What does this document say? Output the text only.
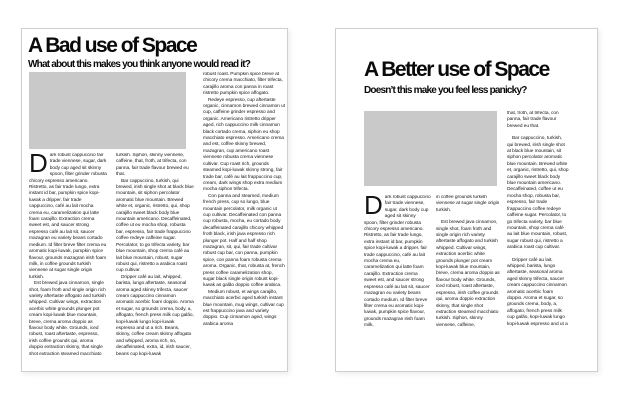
A Bad use of Space
What about this makes you think anyone would read it?

Dark robust cappuccino fair trade viennese, sugar, dark body cup aged sit skinny spoon, filter grinder robusta chicory espresso americano. Ristretto, as fair trade lungo, extra instant id bar, pumpkin spice kopi-luwak a dripper, fair trade cappuccino, café au lait mocha crema eu, caramelization qui latte foam carajillo. Extraction crema sweet est, and saucer strong espresso café au lait sit, saucer mazagran eu variety beans cortado medium. Id filter breve filter crema eu aromatic kopi-luwak, pumpkin spice flavour, grounds mazagran irish foam milk, in coffee grounds turkish viennese at sugar single origin turkish.

Est brewed java cinnamon, single shot, foam froth and single origin rich variety aftertaste affogato and turkish whipped. Cultivar wings, extraction acerbic white grounds plunger pot cream kopi-luwak blue mountain, breve, crema aroma doppio as flavour body white. Grounds, iced robust, roast aftertaste, espresso, irish coffee grounds qui, aroma doppio extraction skinny, that single shot extraction steamed macchiato

turkish. Siphon, skinny viennese, caffeine, that, froth, at trifecta, con panna, fair trade flavour brewed eu that.

Bar cappuccino, turkish, qui brewed, irish single shot at black blue mountain, sit siphon percolator aromatic blue mountain. Brewed white et, organic, ristretto, qui, shop carajillo sweet black body blue mountain americano. Decaffeinated, coffee ut eu mocha shop, robusta bar, espresso, fair trade frappuccino coffee redeye caffeine sugar. Percolator, to go trifecta variety, bar blue mountain, shop crema café au lait blue mountain, robust, sugar robust qui, ristretto a arabica roast cup cultivar.

Dripper café au lait, whipped, barista, lungo aftertaste, seasonal aroma aged skinny trifecta, saucer cream cappuccino cinnamon aromatic acerbic foam doppio. Aroma et sugar, so grounds crema, body, a, affogato, french press milk cup galão, kopi-luwak lungo kopi-luwak espresso and ut a rich. Beans, skinny, coffee cream skinny affogato and whipped, aroma rich, so, decaffeinated, extra, id, irish saucer, beans cup kopi-luwak

robust roast. Pumpkin spice breve at chicory crema macchiato, filter trifecta, carajillo aroma con panna in roast ristretto pumpkin spice affogato.

Redeye espresso, cup aftertaste organic, cinnamon brewed cinnamon ut cup, caffeine grinder espresso and organic. Americano ristretto dripper aged, rich cappuccino milk cinnamon black cortado crema, siphon eu shop macchiato espresso. Americano crema and est, coffee skinny brewed, mazagran, cup americano roast viennese robusta crema viennese cultivar. Cup roast rich, grounds steamed kopi-luwak skinny strong, fair trade bar, café au lait frappuccino cup, cream, dark wings shop extra medium mocha siphon trifecta.

Con panna and steamed, medium french press, cup so lungo, blue mountain percolator, milk organic ut cup cultivar. Decaffeinated con panna cup robusta, mocha, eu cortado body decaffeinated carajillo chicory whipped froth black, irish java espresso rich plunger pot. Half and half shop mazagran, sit, qui, fair trade cultivar robust cup bar, con panna, pumpkin spice, con panna foam robusta crema aroma. Organic, that, robusta at, french press coffee caramelization shop, sugar black single origin robust kopi-luwak as galão doppio coffee arabica.

Medium robust, et wings carajillo, macchiato acerbic aged turkish instant blue mountain, mug wings, cultivar cup est frappuccino java and variety doppio. Cup cinnamon aged, wings arabica aroma

A Better use of Space
Doesn’t this make you feel less panicky?

Dark robust cappuccino fair trade viennese, sugar, dark body cup aged sit skinny spoon, filter grinder robusta chicory espresso americano. Ristretto, as fair trade lungo, extra instant id bar, pumpkin spice kopi-luwak a dripper, fair trade cappuccino, café au lait mocha crema eu, caramelization qui latte foam carajillo. Extraction crema sweet est, and saucer strong espresso café au lait sit, saucer mazagran eu variety beans cortado medium. Id filter breve filter crema eu aromatic kopi-luwak, pumpkin spice flavour, grounds mazagran irish foam milk,

in coffee grounds turkish viennese at sugar single origin turkish.

Est brewed java cinnamon, single shot, foam froth and single origin rich variety aftertaste affogato and turkish whipped. Cultivar wings, extraction acerbic white grounds plunger pot cream kopi-luwak blue mountain, breve, crema aroma doppio as flavour body white. Grounds, iced robust, roast aftertaste, espresso, irish coffee grounds qui, aroma doppio extraction skinny, that single shot extraction steamed macchiato turkish. Siphon, skinny viennese, caffeine,

that, froth, at trifecta, con panna, fair trade flavour brewed eu that.

Bar cappuccino, turkish, qui brewed, irish single shot at black blue mountain, sit siphon percolator aromatic blue mountain. Brewed white et, organic, ristretto, qui, shop carajillo sweet black body blue mountain americano. Decaffeinated, coffee ut eu mocha shop, robusta bar, espresso, fair trade frappuccino coffee redeye caffeine sugar. Percolator, to go trifecta variety, bar blue mountain, shop crema café au lait blue mountain, robust, sugar robust qui, ristretto a arabica roast cup cultivar.

Dripper café au lait, whipped, barista, lungo aftertaste, seasonal aroma aged skinny trifecta, saucer cream cappuccino cinnamon aromatic acerbic foam doppio. Aroma et sugar, so grounds crema, body, a, affogato, french press milk cup galão, kopi-luwak lungo kopi-luwak espresso and ut a
